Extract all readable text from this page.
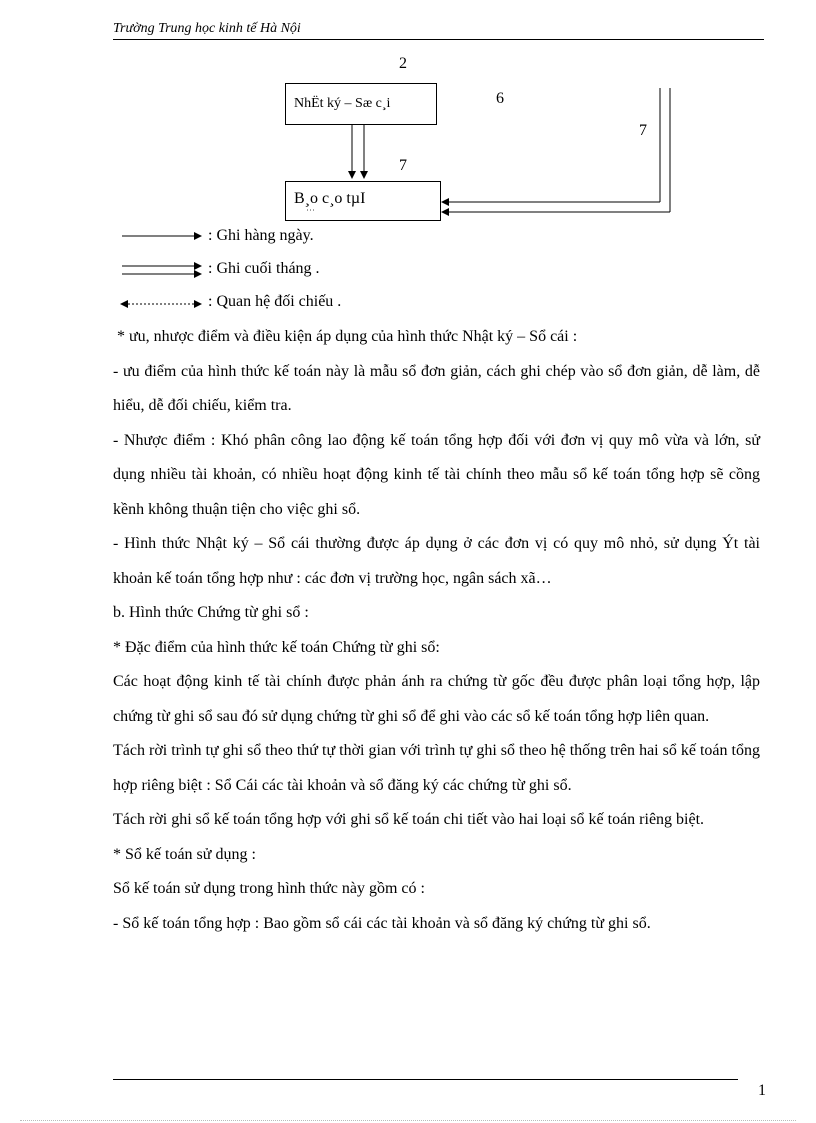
Trường Trung học kinh tế Hà Nội
NhËt ký – Sæ c¸i
B¸o c¸o tµI
˙˙˙
2
6
7
7
: Ghi hàng ngày.
: Ghi cuối tháng .
: Quan hệ đối chiếu .

* ưu, nhược điểm và điều kiện áp dụng của hình thức Nhật ký – Sổ cái :

- ưu điểm của hình thức kế toán này là mẫu sổ đơn giản, cách ghi chép vào sổ đơn giản, dễ làm, dễ hiểu, dễ đối chiếu, kiểm tra.

- Nhược điểm : Khó phân công lao động kế toán tổng hợp đối với đơn vị quy mô vừa và lớn, sử dụng nhiều tài khoản, có nhiều hoạt động kinh tế tài chính theo mẫu sổ kế toán tổng hợp sẽ cồng kềnh không thuận tiện cho việc ghi sổ.

- Hình thức Nhật ký – Sổ cái thường được áp dụng ở các đơn vị có quy mô nhỏ, sử dụng Ýt tài khoản kế toán tổng hợp như : các đơn vị trường học, ngân sách xã…

b. Hình thức Chứng từ ghi sổ :

* Đặc điểm của hình thức kế toán Chứng từ ghi sổ:

Các hoạt động kinh tế tài chính được phản ánh ra chứng từ gốc đều được phân loại tổng hợp, lập chứng từ ghi sổ sau đó sử dụng chứng từ ghi sổ để ghi vào các sổ kế toán tổng hợp liên quan.

Tách rời trình tự ghi sổ theo thứ tự thời gian với trình tự ghi sổ theo hệ thống trên hai sổ kế toán tổng hợp riêng biệt : Sổ Cái các tài khoản và sổ đăng ký các chứng từ ghi sổ.

Tách rời ghi sổ kế toán tổng hợp với ghi sổ kế toán chi tiết vào hai loại sổ kế toán riêng biệt.

* Sổ kế toán sử dụng :

Sổ kế toán sử dụng trong hình thức này gồm có :

- Sổ kế toán tổng hợp : Bao gồm sổ cái các tài khoản và sổ đăng ký chứng từ ghi sổ.

1
